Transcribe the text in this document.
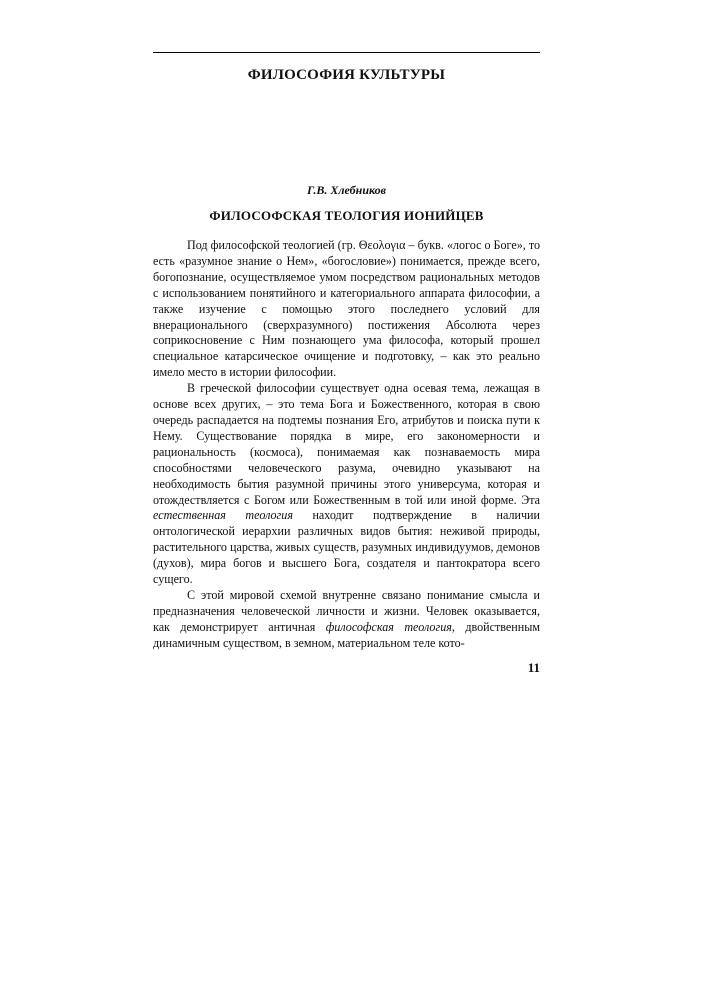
ФИЛОСОФИЯ КУЛЬТУРЫ
Г.В. Хлебников
ФИЛОСОФСКАЯ ТЕОЛОГИЯ ИОНИЙЦЕВ

Под философской теологией (гр. Θεολογια – букв. «логос о Боге», то есть «разумное знание о Нем», «богословие») понимается, прежде всего, богопознание, осуществляемое умом посредством рациональных методов с использованием понятийного и категориального аппарата философии, а также изучение с помощью этого последнего условий для внерационального (сверхразумного) постижения Абсолюта через соприкосновение с Ним познающего ума философа, который прошел специальное катарсическое очищение и подготовку, – как это реально имело место в истории философии.

В греческой философии существует одна осевая тема, лежащая в основе всех других, – это тема Бога и Божественного, которая в свою очередь распадается на подтемы познания Его, атрибутов и поиска пути к Нему. Существование порядка в мире, его закономерности и рациональность (космоса), понимаемая как познаваемость мира способностями человеческого разума, очевидно указывают на необходимость бытия разумной причины этого универсума, которая и отождествляется с Богом или Божественным в той или иной форме. Эта естественная теология находит подтверждение в наличии онтологической иерархии различных видов бытия: неживой природы, растительного царства, живых существ, разумных индивидуумов, демонов (духов), мира богов и высшего Бога, создателя и пантократора всего сущего.

С этой мировой схемой внутренне связано понимание смысла и предназначения человеческой личности и жизни. Человек оказывается, как демонстрирует античная философская теология, двойственным динамичным существом, в земном, материальном теле кото-

11
